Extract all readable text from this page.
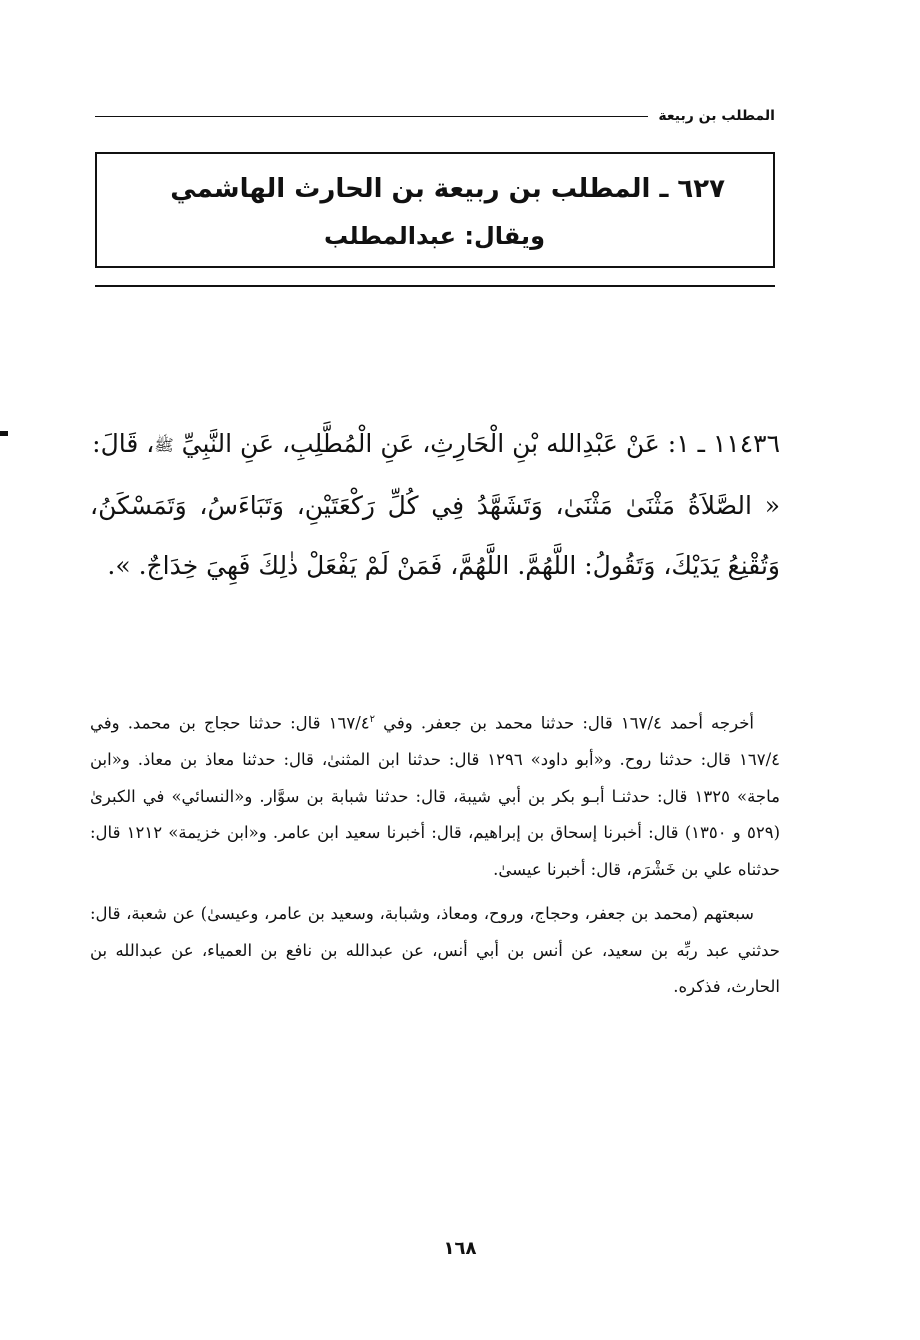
المطلب بن ربيعة
٦٢٧ ـ المطلب بن ربيعة بن الحارث الهاشمي
ويقال: عبدالمطلب
١١٤٣٦ ـ ١: عَنْ عَبْدِالله بْنِ الْحَارِثِ، عَنِ الْمُطَّلِبِ، عَنِ النَّبِيِّ ﷺ، قَالَ:
« الصَّلاَةُ مَثْنَىٰ مَثْنَىٰ، وَتَشَهَّدُ فِي كُلِّ رَكْعَتَيْنِ، وَتَبَاءَسُ، وَتَمَسْكَنُ، وَتُقْنِعُ يَدَيْكَ، وَتَقُولُ: اللَّهُمَّ. اللَّهُمَّ، فَمَنْ لَمْ يَفْعَلْ ذٰلِكَ فَهِيَ خِدَاجٌ. ».

أخرجه أحمد ١٦٧/٤ قال: حدثنا محمد بن جعفر. وفي $١٦٧/٤^٢$ قال: حدثنا حجاج بن محمد. وفي ١٦٧/٤ قال: حدثنا روح. و«أبو داود» ١٢٩٦ قال: حدثنا ابن المثنىٰ، قال: حدثنا معاذ بن معاذ. و«ابن ماجة» ١٣٢٥ قال: حدثنـا أبـو بكر بن أبي شيبة، قال: حدثنا شبابة بن سوَّار. و«النسائي» في الكبرىٰ (٥٢٩ و ١٣٥٠) قال: أخبرنا إسحاق بن إبراهيم، قال: أخبرنا سعيد ابن عامر. و«ابن خزيمة» ١٢١٢ قال: حدثناه علي بن خَشْرَم، قال: أخبرنا عيسىٰ.

سبعتهم (محمد بن جعفر، وحجاج، وروح، ومعاذ، وشبابة، وسعيد بن عامر، وعيسىٰ) عن شعبة، قال: حدثني عبد ربِّه بن سعيد، عن أنس بن أبي أنس، عن عبدالله بن نافع بن العمياء، عن عبدالله بن الحارث، فذكره.

١٦٨
